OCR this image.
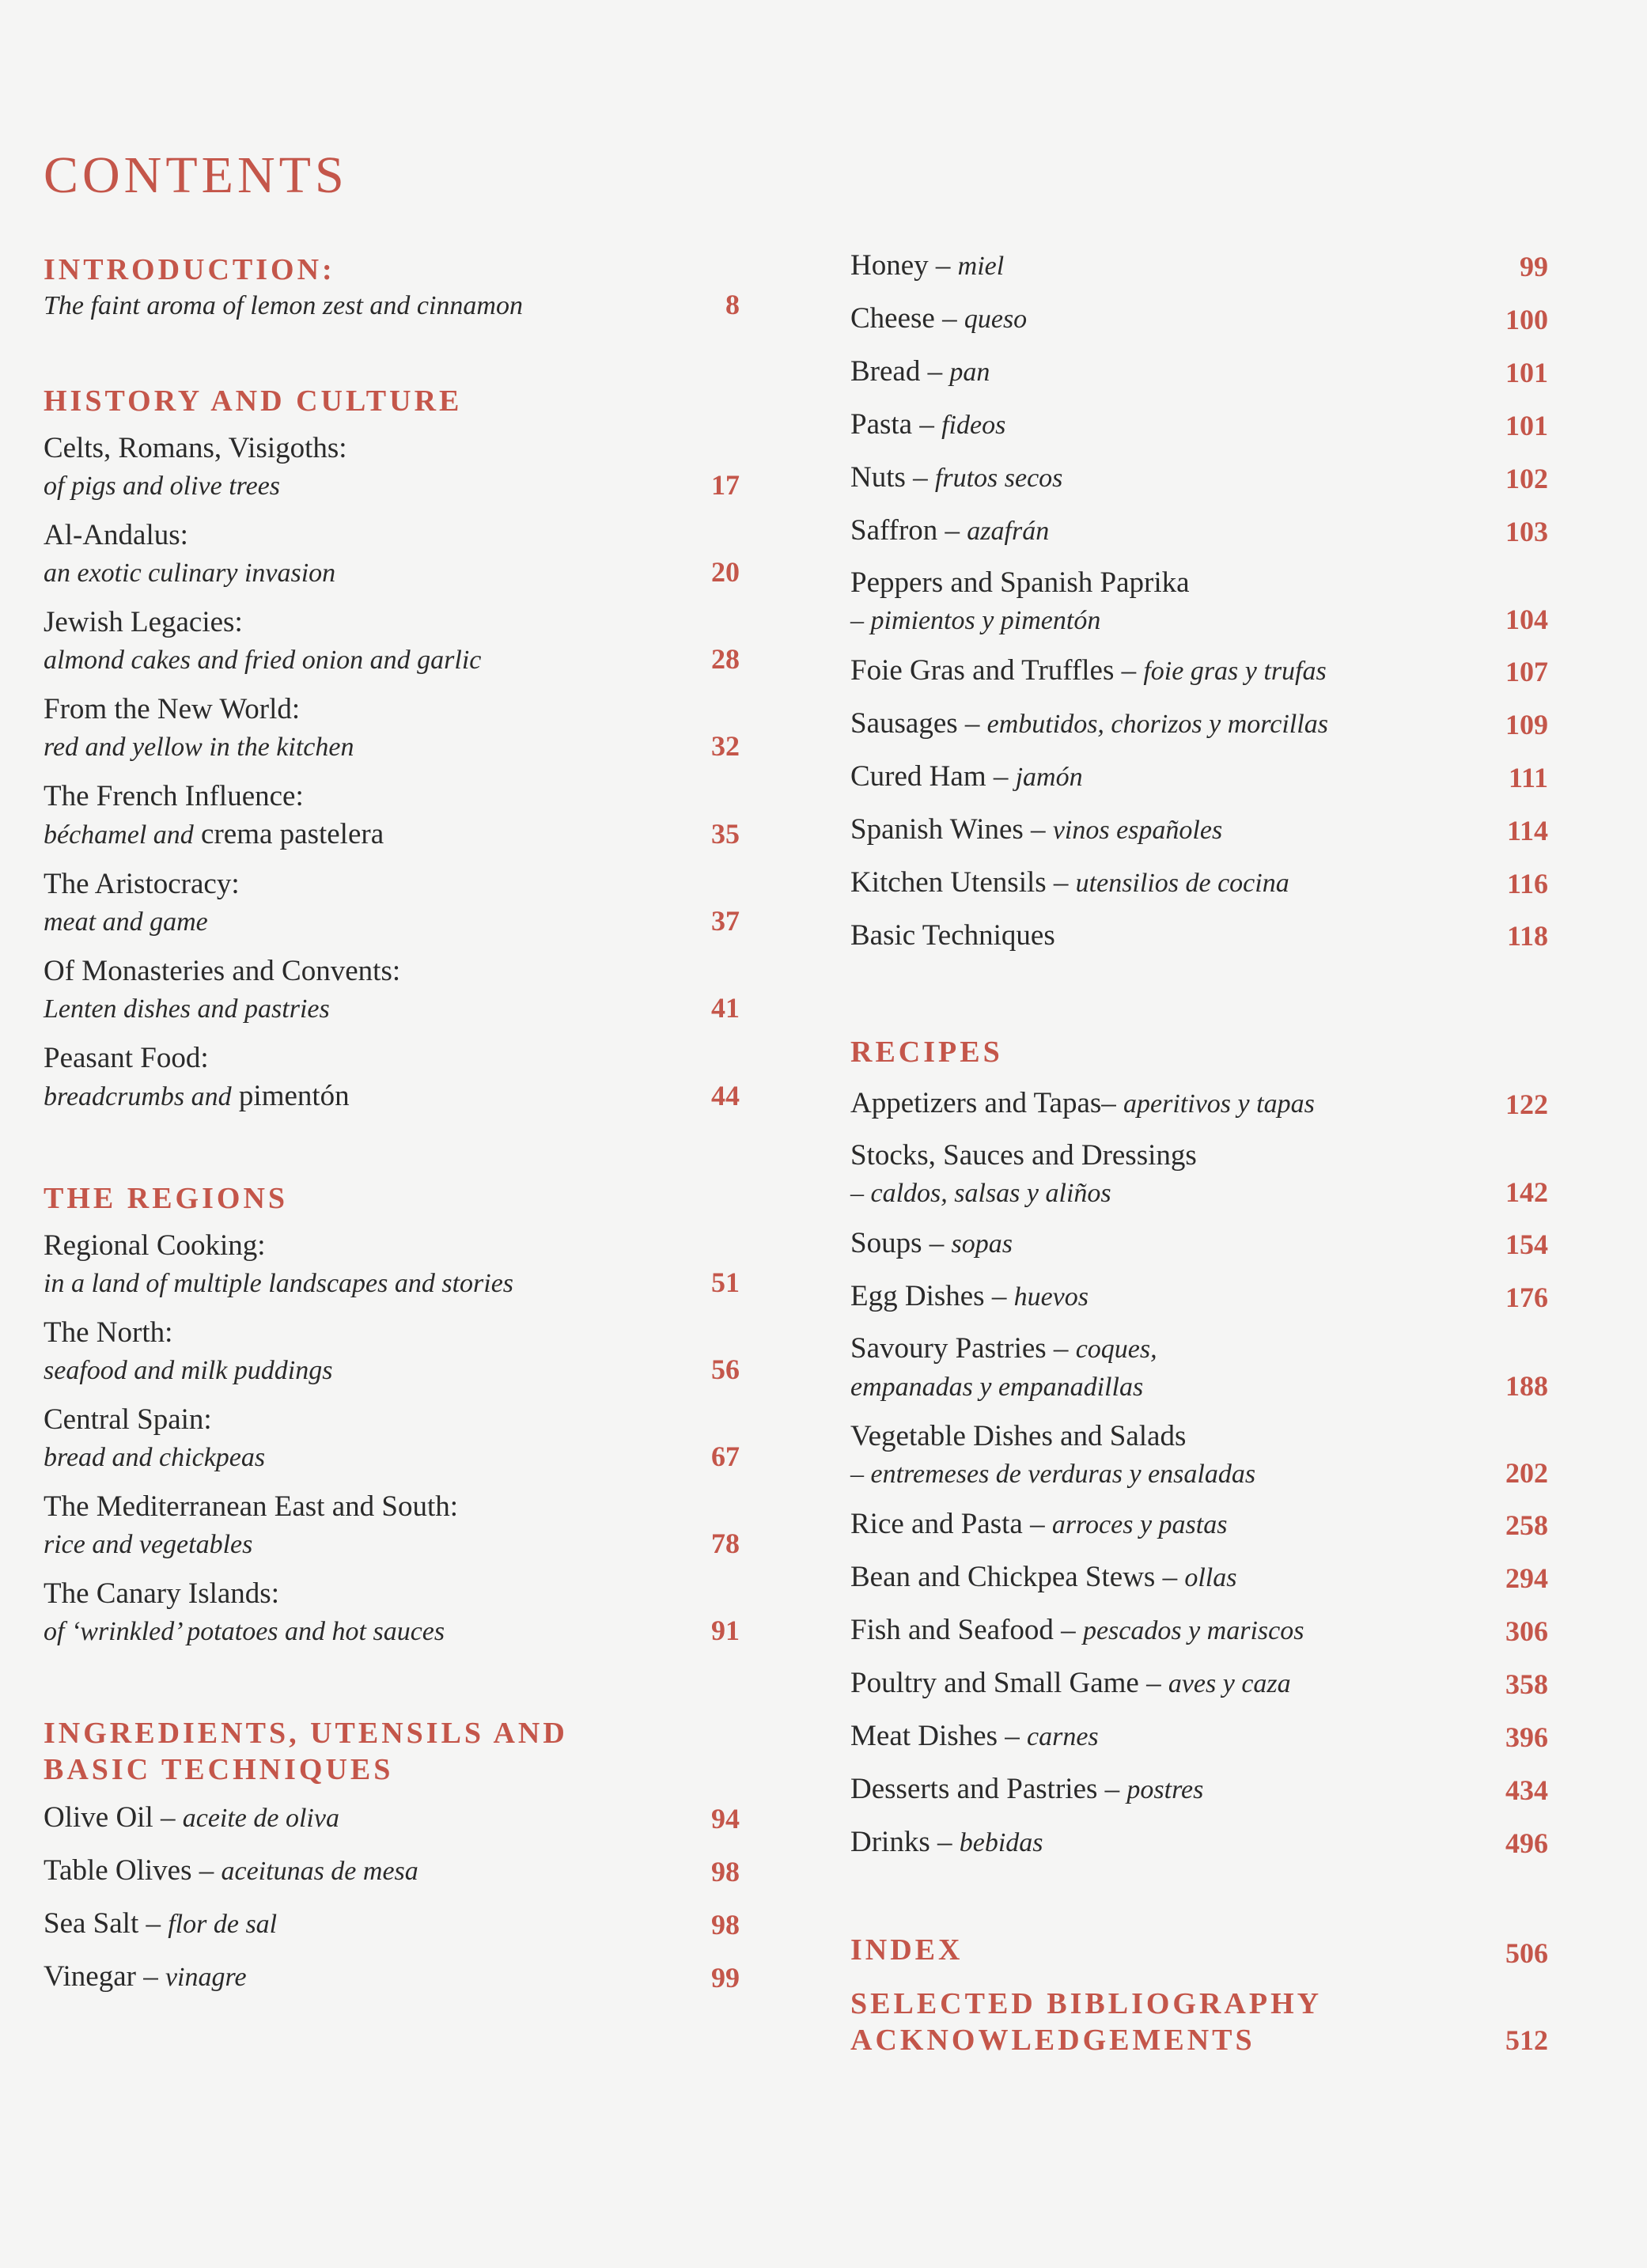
CONTENTS
INTRODUCTION:
The faint aroma of lemon zest and cinnamon	8
HISTORY AND CULTURE
Celts, Romans, Visigoths:
of pigs and olive trees	17
Al-Andalus:
an exotic culinary invasion	20
Jewish Legacies:
almond cakes and fried onion and garlic	28
From the New World:
red and yellow in the kitchen	32
The French Influence:
béchamel and crema pastelera	35
The Aristocracy:
meat and game	37
Of Monasteries and Convents:
Lenten dishes and pastries	41
Peasant Food:
breadcrumbs and pimentón	44
THE REGIONS
Regional Cooking:
in a land of multiple landscapes and stories	51
The North:
seafood and milk puddings	56
Central Spain:
bread and chickpeas	67
The Mediterranean East and South:
rice and vegetables	78
The Canary Islands:
of ‘wrinkled’ potatoes and hot sauces	91
INGREDIENTS, UTENSILS AND
BASIC TECHNIQUES
Olive Oil – aceite de oliva	94
Table Olives – aceitunas de mesa	98
Sea Salt – flor de sal	98
Vinegar – vinagre	99
Honey – miel	99
Cheese – queso	100
Bread – pan	101
Pasta – fideos	101
Nuts – frutos secos	102
Saffron – azafrán	103
Peppers and Spanish Paprika
– pimientos y pimentón	104
Foie Gras and Truffles – foie gras y trufas	107
Sausages – embutidos, chorizos y morcillas	109
Cured Ham – jamón	111
Spanish Wines – vinos españoles	114
Kitchen Utensils – utensilios de cocina	116
Basic Techniques	118
RECIPES
Appetizers and Tapas– aperitivos y tapas	122
Stocks, Sauces and Dressings
– caldos, salsas y aliños	142
Soups – sopas	154
Egg Dishes – huevos	176
Savoury Pastries – coques,
empanadas y empanadillas	188
Vegetable Dishes and Salads
– entremeses de verduras y ensaladas	202
Rice and Pasta – arroces y pastas	258
Bean and Chickpea Stews – ollas	294
Fish and Seafood – pescados y mariscos	306
Poultry and Small Game – aves y caza	358
Meat Dishes – carnes	396
Desserts and Pastries – postres	434
Drinks – bebidas	496
INDEX	506
SELECTED BIBLIOGRAPHY
ACKNOWLEDGEMENTS	512
